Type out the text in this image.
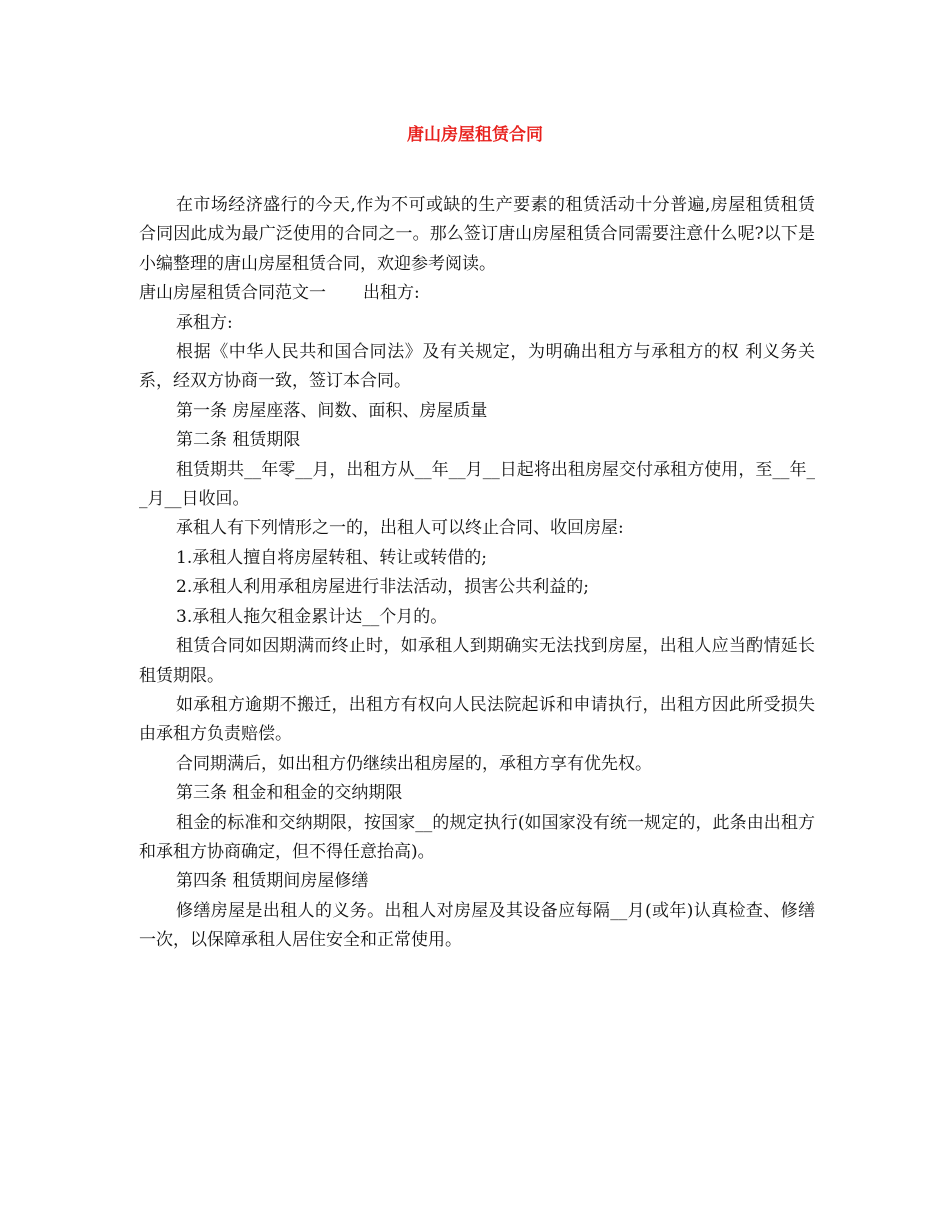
唐山房屋租赁合同

在市场经济盛行的今天,作为不可或缺的生产要素的租赁活动十分普遍,房屋租赁租赁合同因此成为最广泛使用的合同之一。那么签订唐山房屋租赁合同需要注意什么呢?以下是小编整理的唐山房屋租赁合同，欢迎参考阅读。

唐山房屋租赁合同范文一 出租方:

承租方:

根据《中华人民共和国合同法》及有关规定，为明确出租方与承租方的权 利义务关系，经双方协商一致，签订本合同。

第一条 房屋座落、间数、面积、房屋质量

第二条 租赁期限

租赁期共__年零__月，出租方从__年__月__日起将出租房屋交付承租方使用，至__年__月__日收回。

承租人有下列情形之一的，出租人可以终止合同、收回房屋:

1.承租人擅自将房屋转租、转让或转借的;

2.承租人利用承租房屋进行非法活动，损害公共利益的;

3.承租人拖欠租金累计达__个月的。

租赁合同如因期满而终止时，如承租人到期确实无法找到房屋，出租人应当酌情延长租赁期限。

如承租方逾期不搬迁，出租方有权向人民法院起诉和申请执行，出租方因此所受损失由承租方负责赔偿。

合同期满后，如出租方仍继续出租房屋的，承租方享有优先权。

第三条 租金和租金的交纳期限

租金的标准和交纳期限，按国家__的规定执行(如国家没有统一规定的，此条由出租方和承租方协商确定，但不得任意抬高)。

第四条 租赁期间房屋修缮

修缮房屋是出租人的义务。出租人对房屋及其设备应每隔__月(或年)认真检查、修缮一次，以保障承租人居住安全和正常使用。
